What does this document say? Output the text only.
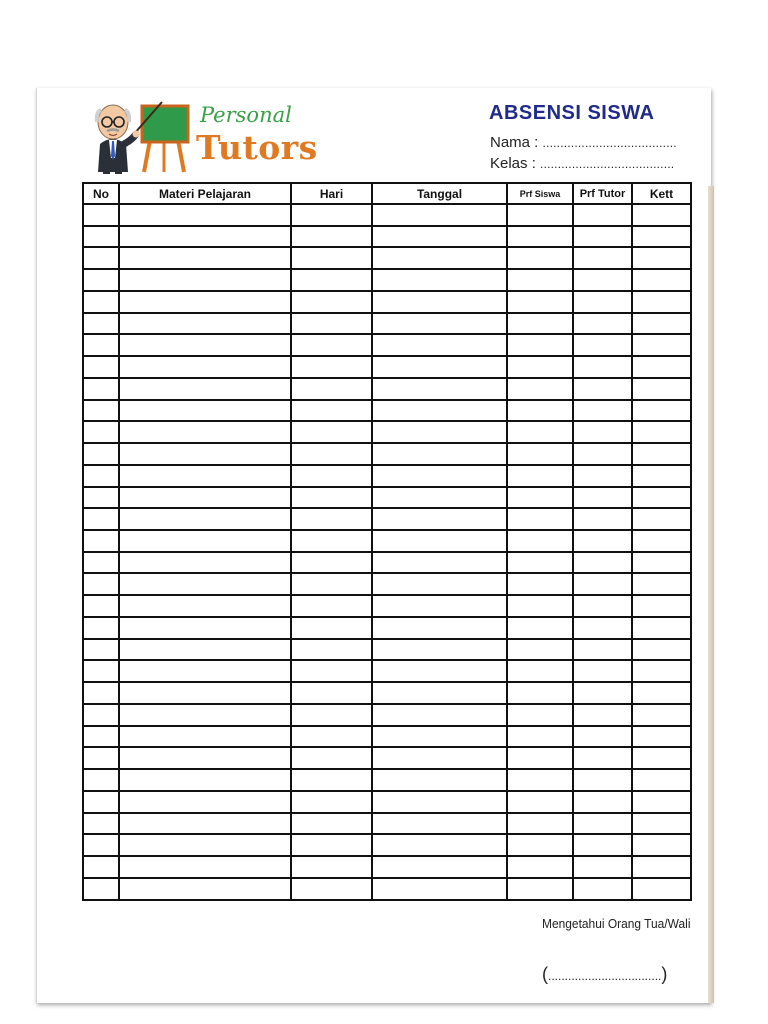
Personal
Tutors
ABSENSI SISWA
Nama : ......................................
Kelas : ......................................
No	Materi Pelajaran	Hari	Tanggal	Prf Siswa	Prf Tutor	Kett

Mengetahui Orang Tua/Wali
(..................................)
